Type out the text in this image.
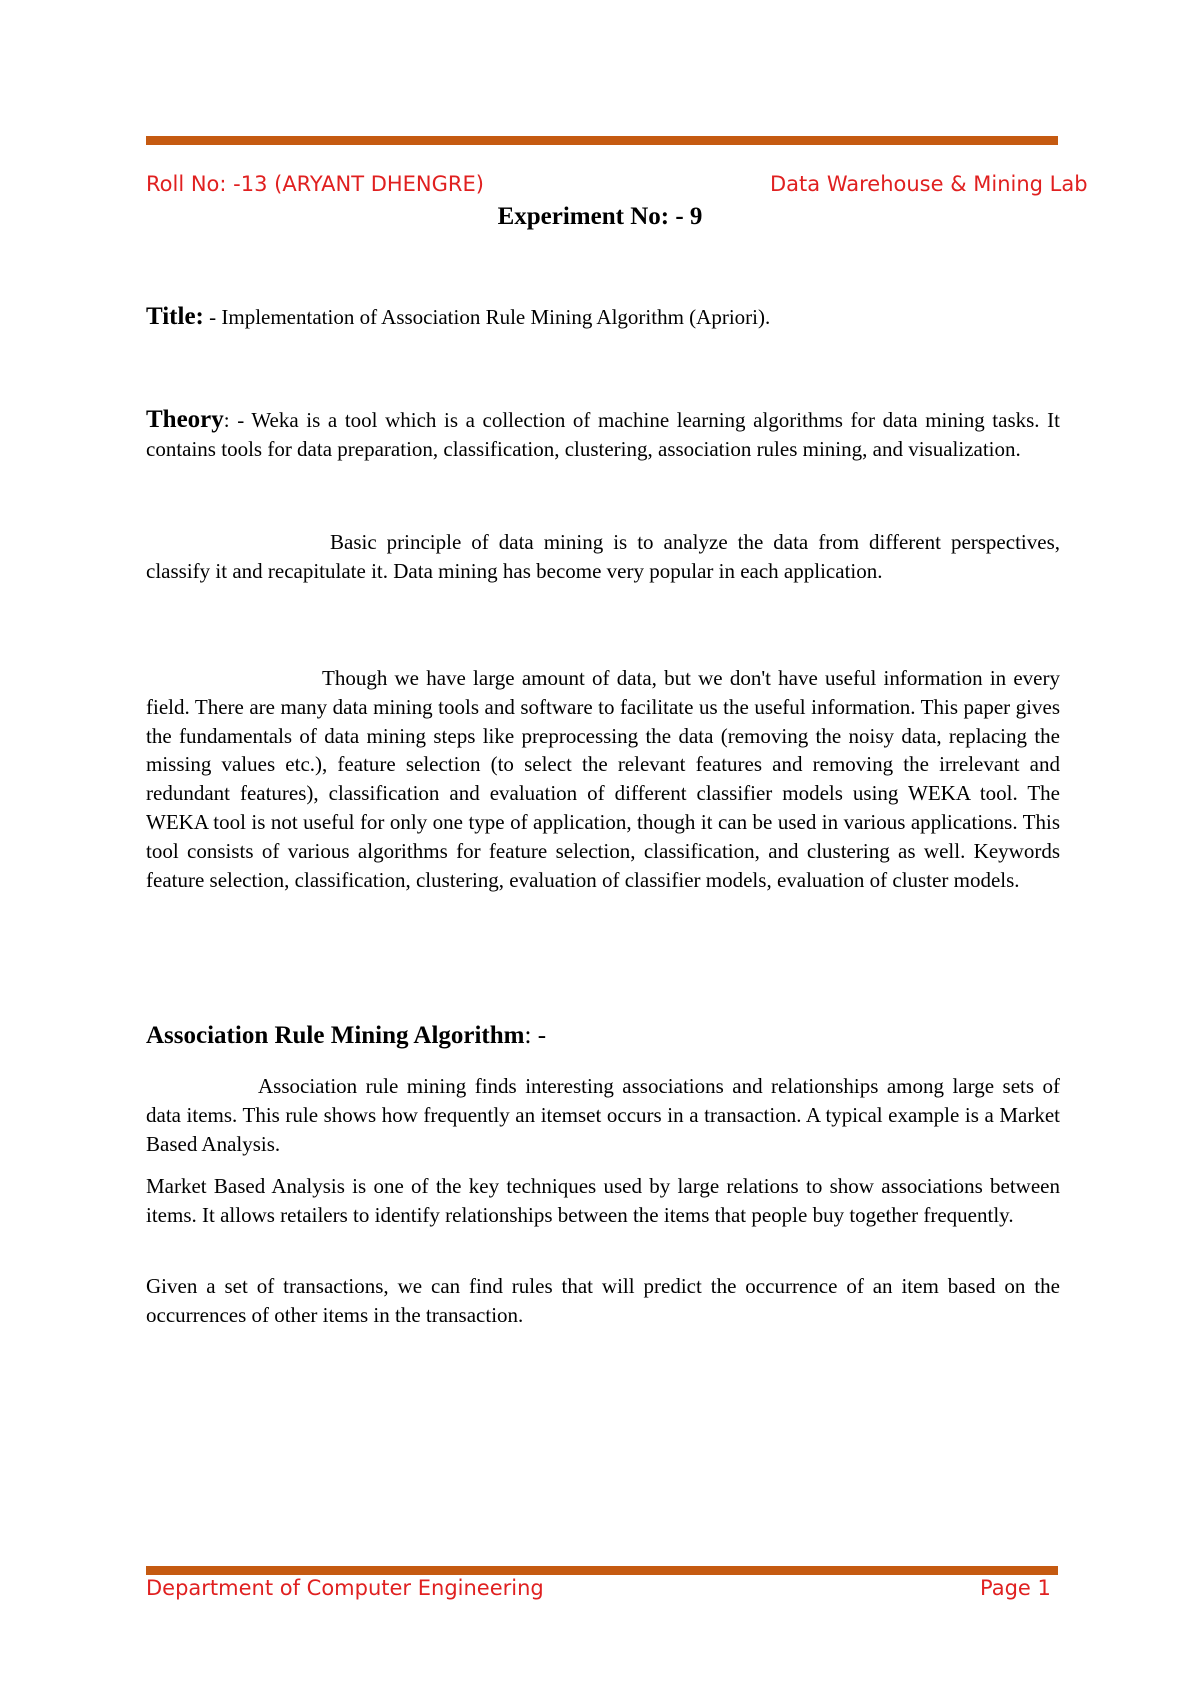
Roll No: -13 (ARYANT DHENGRE)	Data Warehouse & Mining Lab
Experiment No: - 9
Title: - Implementation of Association Rule Mining Algorithm (Apriori).

Theory: - Weka is a tool which is a collection of machine learning algorithms for data mining tasks. It contains tools for data preparation, classification, clustering, association rules mining, and visualization.

Basic principle of data mining is to analyze the data from different perspectives, classify it and recapitulate it. Data mining has become very popular in each application.

Though we have large amount of data, but we don't have useful information in every field. There are many data mining tools and software to facilitate us the useful information. This paper gives the fundamentals of data mining steps like preprocessing the data (removing the noisy data, replacing the missing values etc.), feature selection (to select the relevant features and removing the irrelevant and redundant features), classification and evaluation of different classifier models using WEKA tool. The WEKA tool is not useful for only one type of application, though it can be used in various applications. This tool consists of various algorithms for feature selection, classification, and clustering as well. Keywords feature selection, classification, clustering, evaluation of classifier models, evaluation of cluster models.

Association Rule Mining Algorithm: -

Association rule mining finds interesting associations and relationships among large sets of data items. This rule shows how frequently an itemset occurs in a transaction. A typical example is a Market Based Analysis.

Market Based Analysis is one of the key techniques used by large relations to show associations between items. It allows retailers to identify relationships between the items that people buy together frequently.

Given a set of transactions, we can find rules that will predict the occurrence of an item based on the occurrences of other items in the transaction.

Department of Computer Engineering	Page 1
